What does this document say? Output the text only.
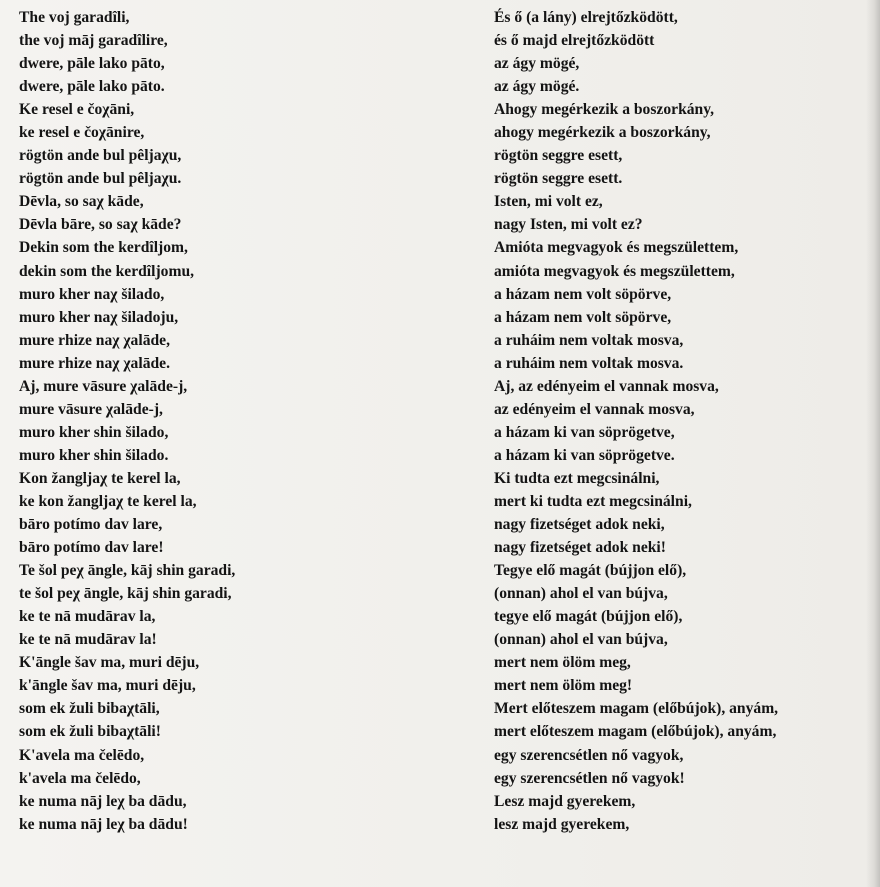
The voj garadîli,
the voj māj garadîlire,
dwere, pāle lako pāto,
dwere, pāle lako pāto.
Ke resel e čoχāni,
ke resel e čoχānire,
rögtön ande bul pêljaχu,
rögtön ande bul pêljaχu.
Dēvla, so saχ kāde,
Dēvla bāre, so saχ kāde?
Dekin som the kerdîljom,
dekin som the kerdîljomu,
muro kher naχ šilado,
muro kher naχ šiladoju,
mure rhize naχ χalāde,
mure rhize naχ χalāde.
Aj, mure vāsure χalāde-j,
mure vāsure χalāde-j,
muro kher shin šilado,
muro kher shin šilado.
Kon žangljaχ te kerel la,
ke kon žangljaχ te kerel la,
bāro potímo dav lare,
bāro potímo dav lare!
Te šol peχ āngle, kāj shin garadi,
te šol peχ āngle, kāj shin garadi,
ke te nā mudārav la,
ke te nā mudārav la!
K'āngle šav ma, muri dēju,
k'āngle šav ma, muri dēju,
som ek žuli bibaχtāli,
som ek žuli bibaχtāli!
K'avela ma čelēdo,
k'avela ma čelēdo,
ke numa nāj leχ ba dādu,
ke numa nāj leχ ba dādu!
És ő (a lány) elrejtőzködött,
és ő majd elrejtőzködött
az ágy mögé,
az ágy mögé.
Ahogy megérkezik a boszorkány,
ahogy megérkezik a boszorkány,
rögtön seggre esett,
rögtön seggre esett.
Isten, mi volt ez,
nagy Isten, mi volt ez?
Amióta megvagyok és megszülettem,
amióta megvagyok és megszülettem,
a házam nem volt söpörve,
a házam nem volt söpörve,
a ruháim nem voltak mosva,
a ruháim nem voltak mosva.
Aj, az edényeim el vannak mosva,
az edényeim el vannak mosva,
a házam ki van söprögetve,
a házam ki van söprögetve.
Ki tudta ezt megcsinálni,
mert ki tudta ezt megcsinálni,
nagy fizetséget adok neki,
nagy fizetséget adok neki!
Tegye elő magát (bújjon elő),
(onnan) ahol el van bújva,
tegye elő magát (bújjon elő),
(onnan) ahol el van bújva,
mert nem ölöm meg,
mert nem ölöm meg!
Mert előteszem magam (előbújok), anyám,
mert előteszem magam (előbújok), anyám,
egy szerencsétlen nő vagyok,
egy szerencsétlen nő vagyok!
Lesz majd gyerekem,
lesz majd gyerekem,
